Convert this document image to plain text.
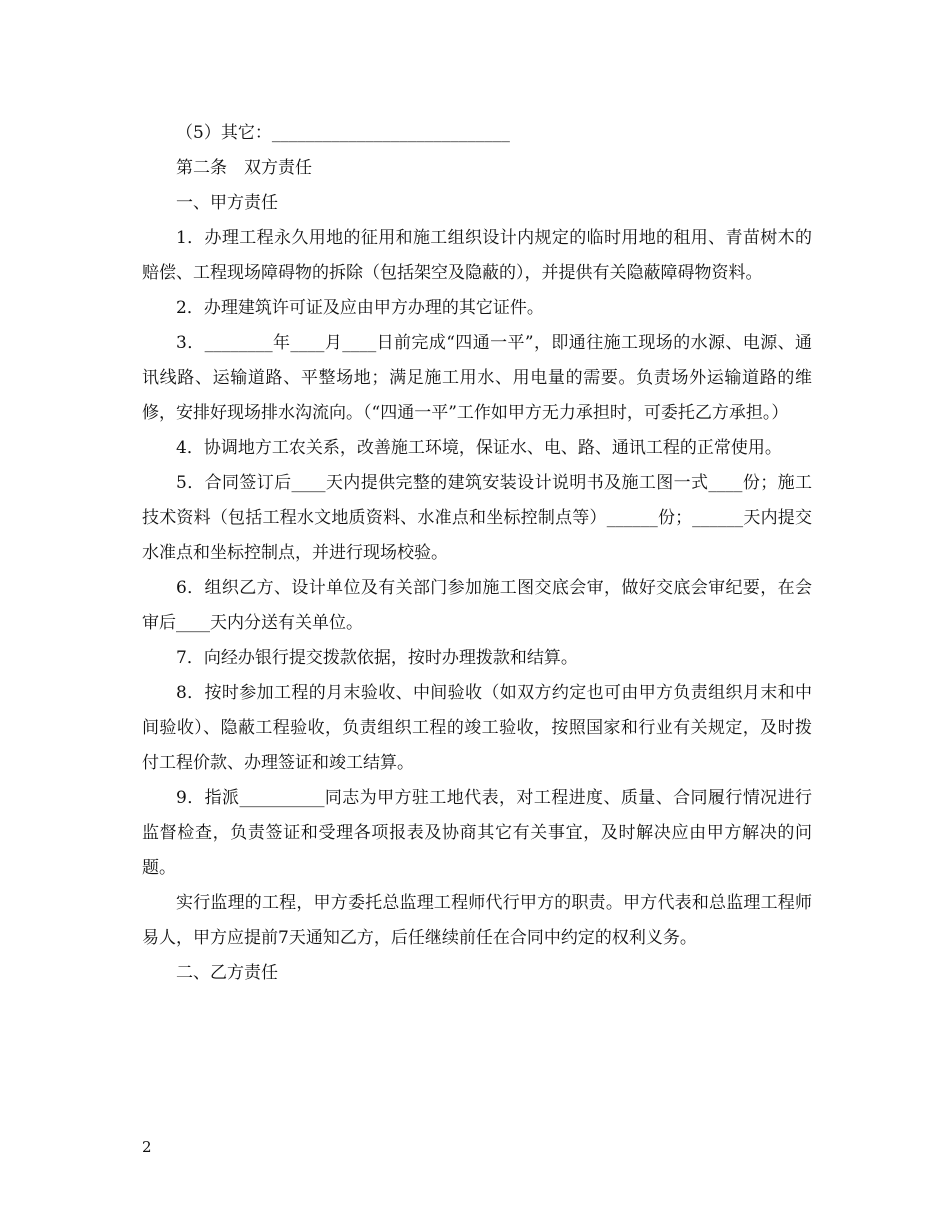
（5）其它：____________________________

第二条　双方责任

一、甲方责任

1．办理工程永久用地的征用和施工组织设计内规定的临时用地的租用、青苗树木的赔偿、工程现场障碍物的拆除（包括架空及隐蔽的），并提供有关隐蔽障碍物资料。

2．办理建筑许可证及应由甲方办理的其它证件。

3．________年____月____日前完成“四通一平”，即通往施工现场的水源、电源、通讯线路、运输道路、平整场地；满足施工用水、用电量的需要。负责场外运输道路的维修，安排好现场排水沟流向。（“四通一平”工作如甲方无力承担时，可委托乙方承担。）

4．协调地方工农关系，改善施工环境，保证水、电、路、通讯工程的正常使用。

5．合同签订后____天内提供完整的建筑安装设计说明书及施工图一式____份；施工技术资料（包括工程水文地质资料、水准点和坐标控制点等）______份；______天内提交水准点和坐标控制点，并进行现场校验。

6．组织乙方、设计单位及有关部门参加施工图交底会审，做好交底会审纪要，在会审后____天内分送有关单位。

7．向经办银行提交拨款依据，按时办理拨款和结算。

8．按时参加工程的月末验收、中间验收（如双方约定也可由甲方负责组织月末和中间验收）、隐蔽工程验收，负责组织工程的竣工验收，按照国家和行业有关规定，及时拨付工程价款、办理签证和竣工结算。

9．指派__________同志为甲方驻工地代表，对工程进度、质量、合同履行情况进行监督检查，负责签证和受理各项报表及协商其它有关事宜，及时解决应由甲方解决的问题。

实行监理的工程，甲方委托总监理工程师代行甲方的职责。甲方代表和总监理工程师易人，甲方应提前7天通知乙方，后任继续前任在合同中约定的权利义务。

二、乙方责任

2
